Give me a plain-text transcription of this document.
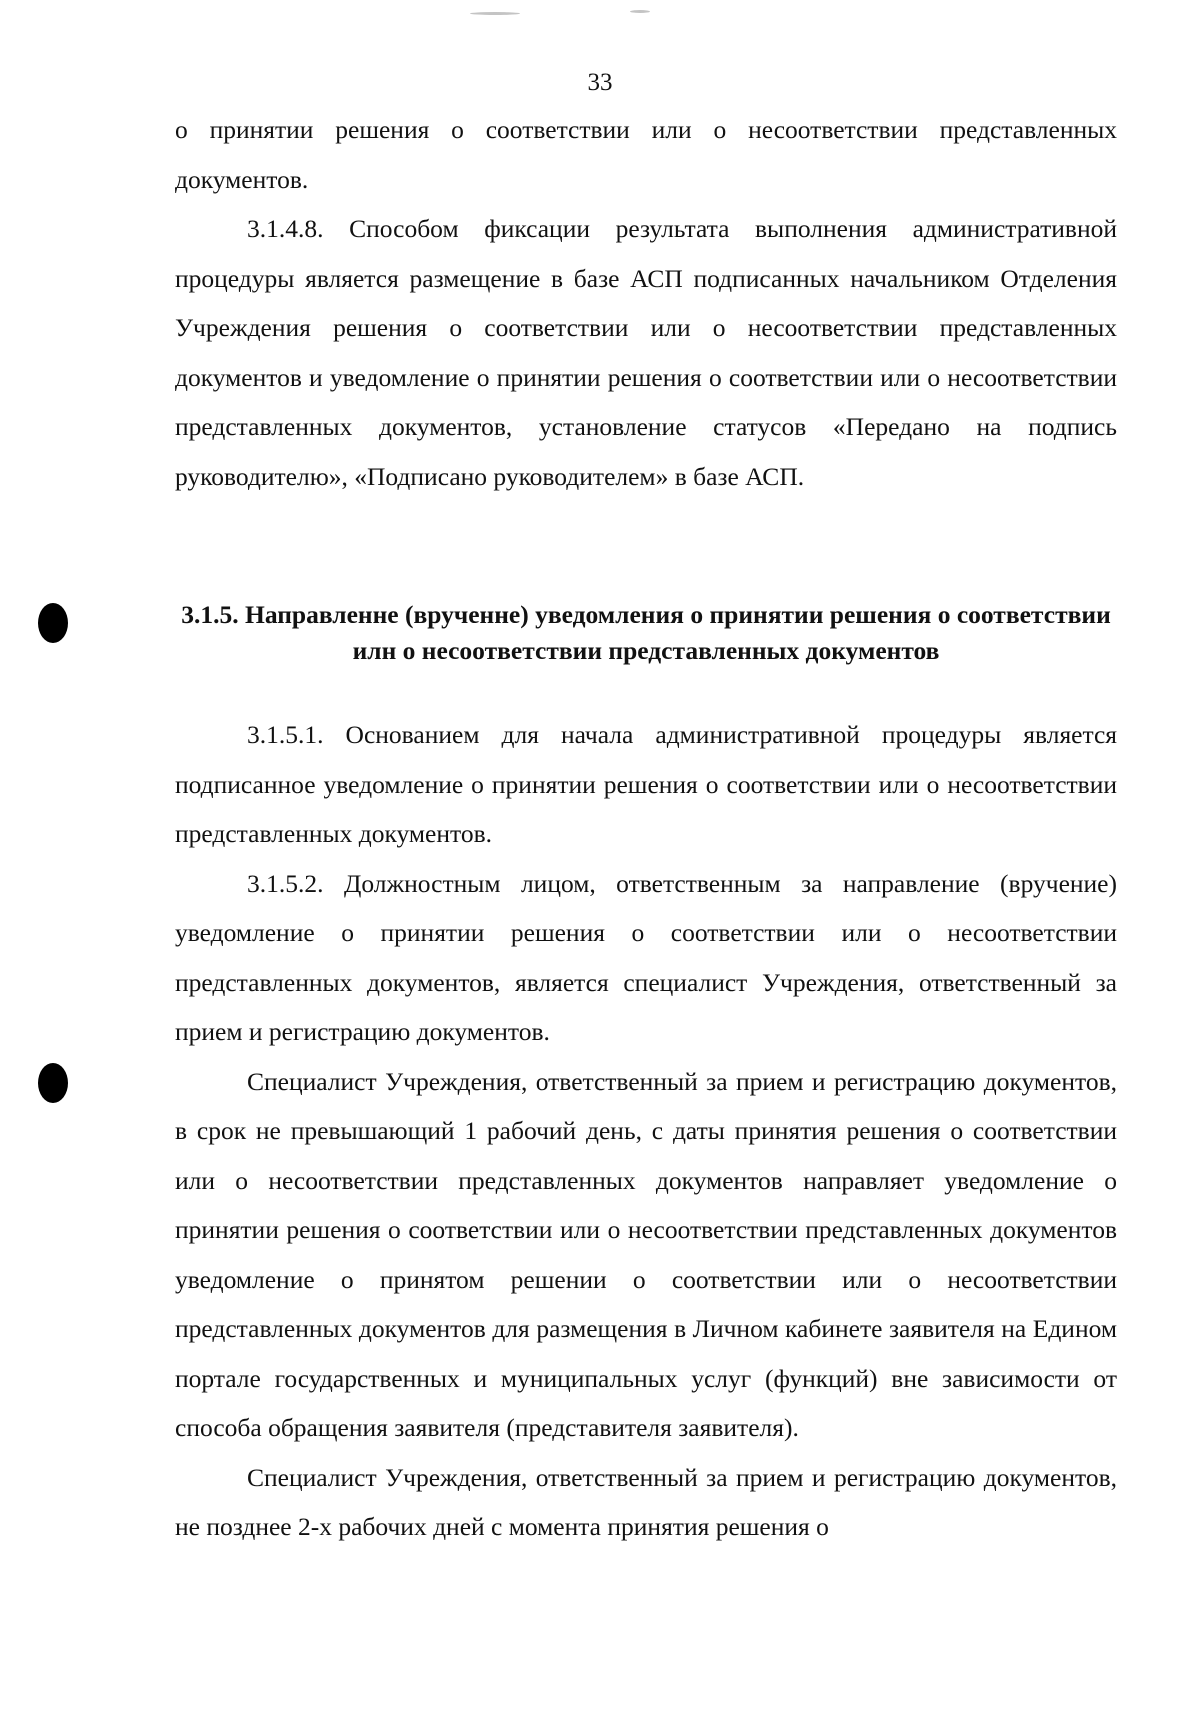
33

о принятии решения о соответствии или о несоответствии представленных документов.

3.1.4.8. Способом фиксации результата выполнения административной процедуры является размещение в базе АСП подписанных начальником Отделения Учреждения решения о соответствии или о несоответствии представленных документов и уведомление о принятии решения о соответствии или о несоответствии представленных документов, установление статусов «Передано на подпись руководителю», «Подписано руководителем» в базе АСП.

3.1.5. Направленне (врученне) уведомления о принятии решения о соответствии илн о несоответствии представленных документов

3.1.5.1. Основанием для начала административной процедуры является подписанное уведомление о принятии решения о соответствии или о несоответствии представленных документов.

3.1.5.2. Должностным лицом, ответственным за направление (вручение) уведомление о принятии решения о соответствии или о несоответствии представленных документов, является специалист Учреждения, ответственный за прием и регистрацию документов.

Специалист Учреждения, ответственный за прием и регистрацию документов, в срок не превышающий 1 рабочий день, с даты принятия решения о соответствии или о несоответствии представленных документов направляет уведомление о принятии решения о соответствии или о несоответствии представленных документов уведомление о принятом решении о соответствии или о несоответствии представленных документов для размещения в Личном кабинете заявителя на Едином портале государственных и муниципальных услуг (функций) вне зависимости от способа обращения заявителя (представителя заявителя).

Специалист Учреждения, ответственный за прием и регистрацию документов, не позднее 2-х рабочих дней с момента принятия решения о
